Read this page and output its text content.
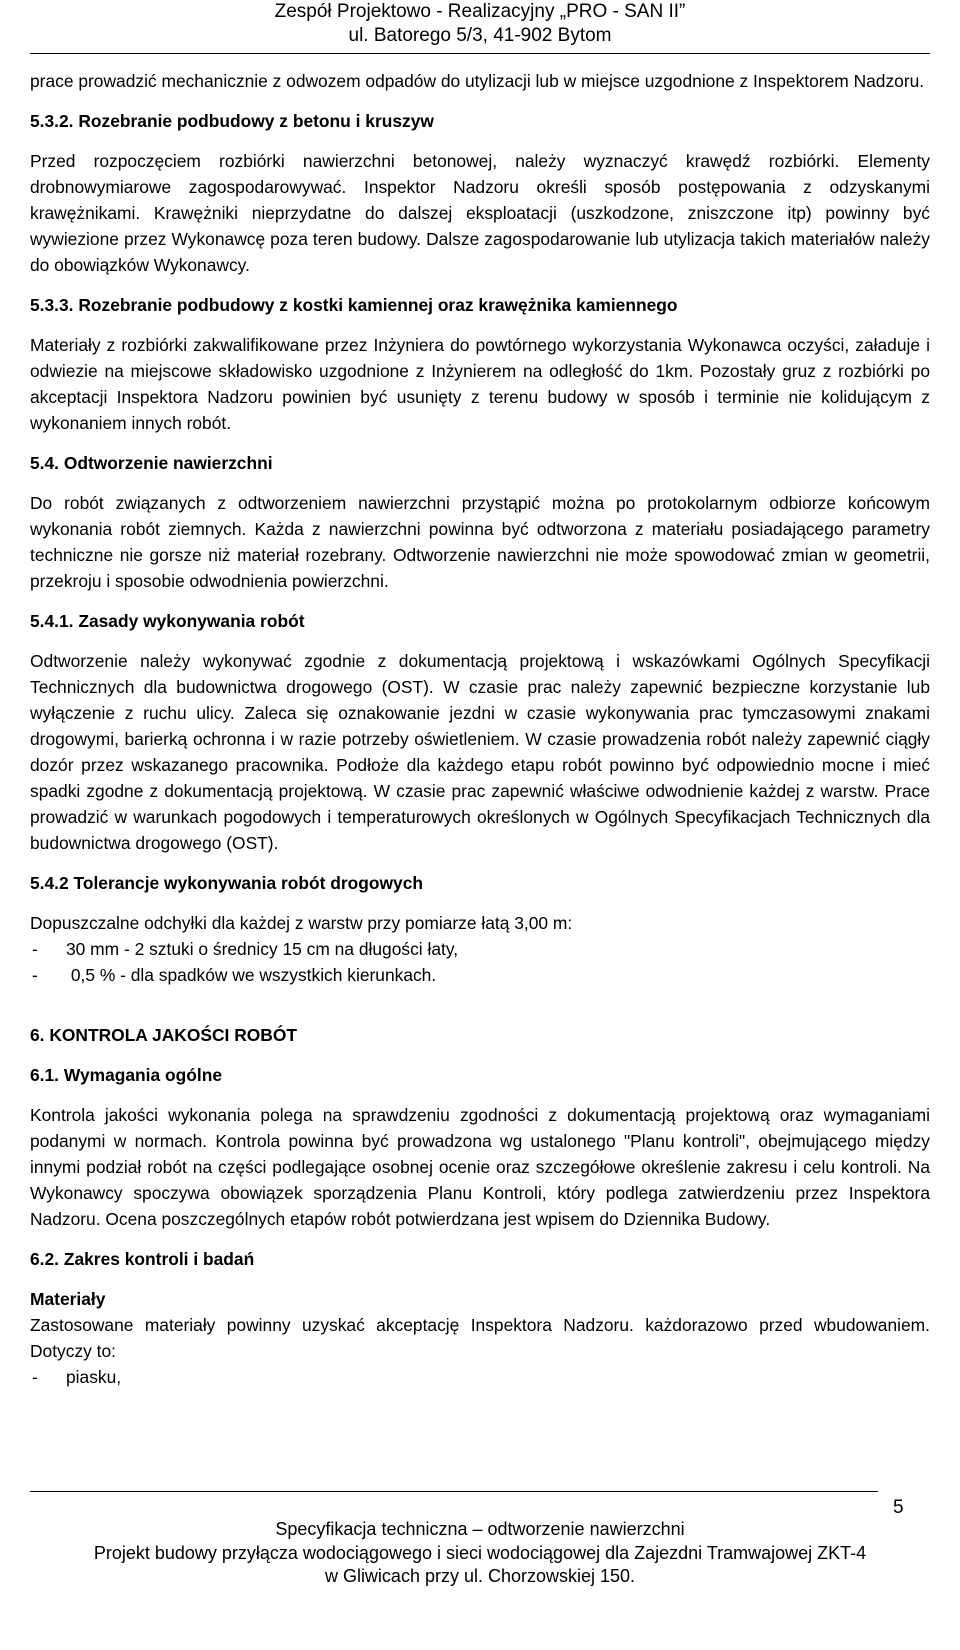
Zespół Projektowo - Realizacyjny „PRO - SAN II”
ul. Batorego 5/3, 41-902 Bytom

prace prowadzić mechanicznie z odwozem odpadów do utylizacji lub w miejsce uzgodnione z Inspektorem Nadzoru.

5.3.2. Rozebranie podbudowy z betonu i kruszyw

Przed rozpoczęciem rozbiórki nawierzchni betonowej, należy wyznaczyć krawędź rozbiórki. Elementy drobnowymiarowe zagospodarowywać. Inspektor Nadzoru określi sposób postępowania z odzyskanymi krawężnikami. Krawężniki nieprzydatne do dalszej eksploatacji (uszkodzone, zniszczone itp) powinny być wywiezione przez Wykonawcę poza teren budowy. Dalsze zagospodarowanie lub utylizacja takich materiałów należy do obowiązków Wykonawcy.

5.3.3. Rozebranie podbudowy z kostki kamiennej oraz krawężnika kamiennego

Materiały z rozbiórki zakwalifikowane przez Inżyniera do powtórnego wykorzystania Wykonawca oczyści, załaduje i odwiezie na miejscowe składowisko uzgodnione z Inżynierem na odległość do 1km. Pozostały gruz z rozbiórki po akceptacji Inspektora Nadzoru powinien być usunięty z terenu budowy w sposób i terminie nie kolidującym z wykonaniem innych robót.

5.4. Odtworzenie nawierzchni

Do robót związanych z odtworzeniem nawierzchni przystąpić można po protokolarnym odbiorze końcowym wykonania robót ziemnych. Każda z nawierzchni powinna być odtworzona z materiału posiadającego parametry techniczne nie gorsze niż materiał rozebrany. Odtworzenie nawierzchni nie może spowodować zmian w geometrii, przekroju i sposobie odwodnienia powierzchni.

5.4.1. Zasady wykonywania robót

Odtworzenie należy wykonywać zgodnie z dokumentacją projektową i wskazówkami Ogólnych Specyfikacji Technicznych dla budownictwa drogowego (OST). W czasie prac należy zapewnić bezpieczne korzystanie lub wyłączenie z ruchu ulicy. Zaleca się oznakowanie jezdni w czasie wykonywania prac tymczasowymi znakami drogowymi, barierką ochronna i w razie potrzeby oświetleniem. W czasie prowadzenia robót należy zapewnić ciągły dozór przez wskazanego pracownika. Podłoże dla każdego etapu robót powinno być odpowiednio mocne i mieć spadki zgodne z dokumentacją projektową. W czasie prac zapewnić właściwe odwodnienie każdej z warstw. Prace prowadzić w warunkach pogodowych i temperaturowych określonych w Ogólnych Specyfikacjach Technicznych dla budownictwa drogowego (OST).

5.4.2 Tolerancje wykonywania robót drogowych

Dopuszczalne odchyłki dla każdej z warstw przy pomiarze łatą 3,00 m:

-	30 mm - 2 sztuki o średnicy 15 cm na długości łaty,
-	0,5 % - dla spadków we wszystkich kierunkach.
6. KONTROLA JAKOŚCI ROBÓT
6.1. Wymagania ogólne

Kontrola jakości wykonania polega na sprawdzeniu zgodności z dokumentacją projektową oraz wymaganiami podanymi w normach. Kontrola powinna być prowadzona wg ustalonego "Planu kontroli", obejmującego między innymi podział robót na części podlegające osobnej ocenie oraz szczegółowe określenie zakresu i celu kontroli. Na Wykonawcy spoczywa obowiązek sporządzenia Planu Kontroli, który podlega zatwierdzeniu przez Inspektora Nadzoru. Ocena poszczególnych etapów robót potwierdzana jest wpisem do Dziennika Budowy.

6.2. Zakres kontroli i badań
Materiały

Zastosowane materiały powinny uzyskać akceptację Inspektora Nadzoru. każdorazowo przed wbudowaniem. Dotyczy to:

-	piasku,
5
Specyfikacja techniczna – odtworzenie nawierzchni
Projekt budowy przyłącza wodociągowego i sieci wodociągowej dla Zajezdni Tramwajowej ZKT-4
w Gliwicach przy ul. Chorzowskiej 150.
